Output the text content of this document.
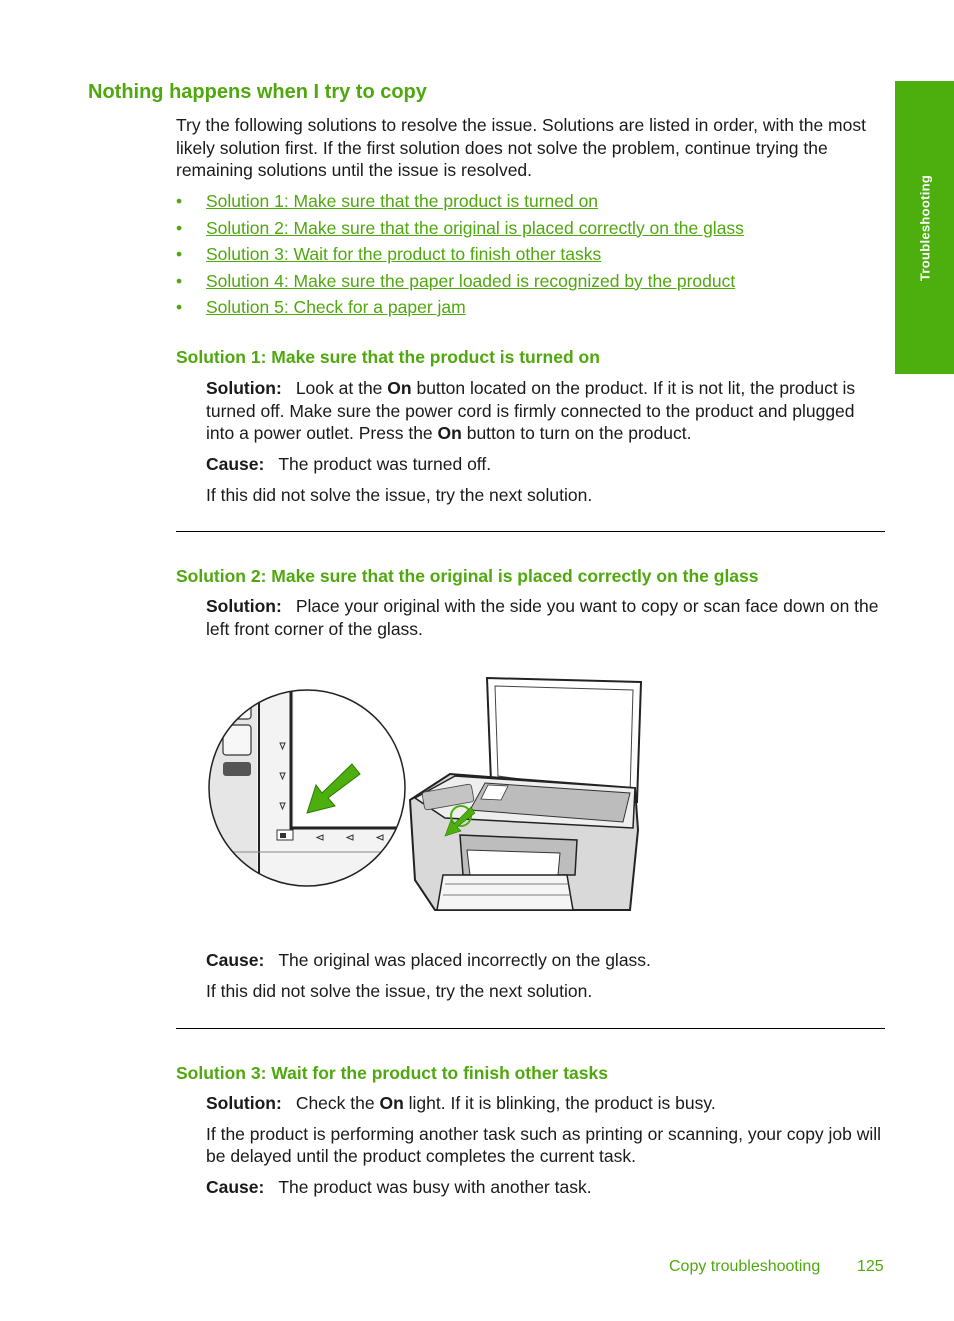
Troubleshooting
Nothing happens when I try to copy

Try the following solutions to resolve the issue. Solutions are listed in order, with the most likely solution first. If the first solution does not solve the problem, continue trying the remaining solutions until the issue is resolved.

• Solution 1: Make sure that the product is turned on
• Solution 2: Make sure that the original is placed correctly on the glass
• Solution 3: Wait for the product to finish other tasks
• Solution 4: Make sure the paper loaded is recognized by the product
• Solution 5: Check for a paper jam
Solution 1: Make sure that the product is turned on

Solution: Look at the On button located on the product. If it is not lit, the product is turned off. Make sure the power cord is firmly connected to the product and plugged into a power outlet. Press the On button to turn on the product.

Cause: The product was turned off.

If this did not solve the issue, try the next solution.

Solution 2: Make sure that the original is placed correctly on the glass

Solution: Place your original with the side you want to copy or scan face down on the left front corner of the glass.

Cause: The original was placed incorrectly on the glass.

If this did not solve the issue, try the next solution.

Solution 3: Wait for the product to finish other tasks

Solution: Check the On light. If it is blinking, the product is busy.

If the product is performing another task such as printing or scanning, your copy job will be delayed until the product completes the current task.

Cause: The product was busy with another task.

Copy troubleshooting 125
